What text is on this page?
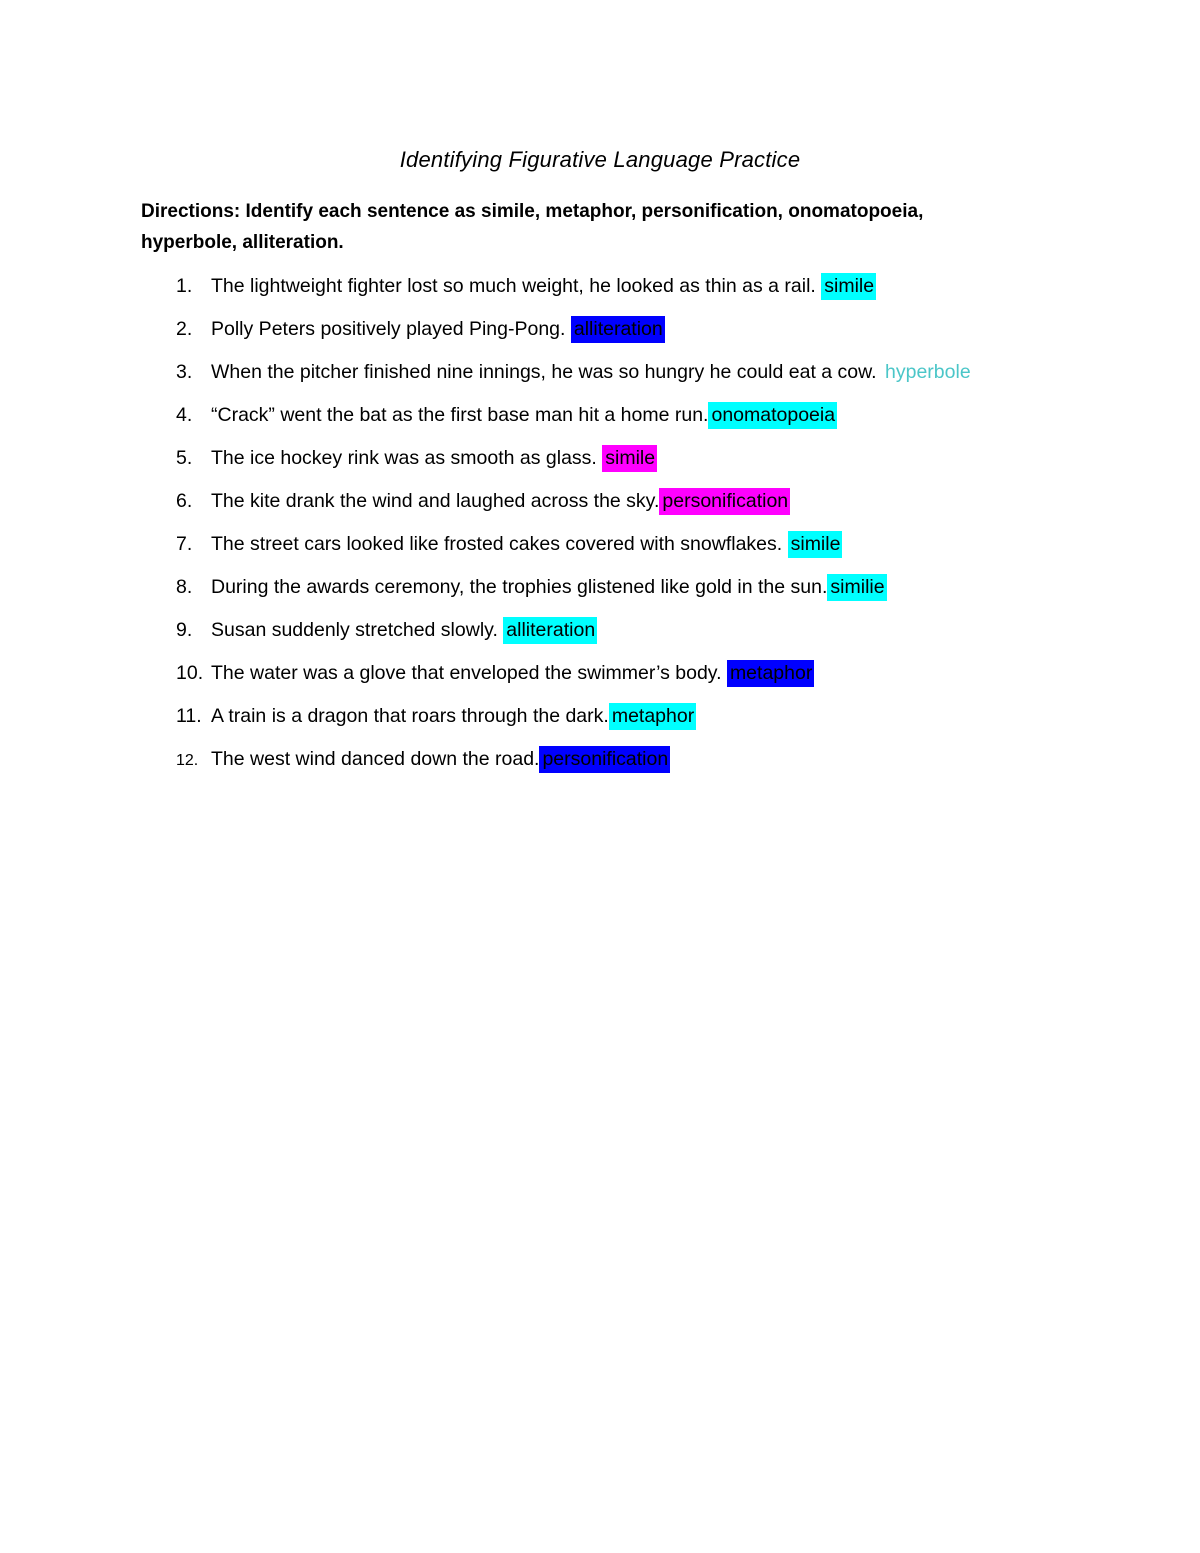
Identifying Figurative Language Practice
Directions: Identify each sentence as simile, metaphor, personification, onomatopoeia, hyperbole, alliteration.
1. The lightweight fighter lost so much weight, he looked as thin as a rail. simile
2. Polly Peters positively played Ping-Pong. alliteration
3. When the pitcher finished nine innings, he was so hungry he could eat a cow. hyperbole
4. “Crack” went the bat as the first base man hit a home run. onomatopoeia
5. The ice hockey rink was as smooth as glass. simile
6. The kite drank the wind and laughed across the sky. personification
7. The street cars looked like frosted cakes covered with snowflakes. simile
8. During the awards ceremony, the trophies glistened like gold in the sun. similie
9. Susan suddenly stretched slowly. alliteration
10. The water was a glove that enveloped the swimmer’s body. metaphor
11. A train is a dragon that roars through the dark. metaphor
12. The west wind danced down the road. personification
